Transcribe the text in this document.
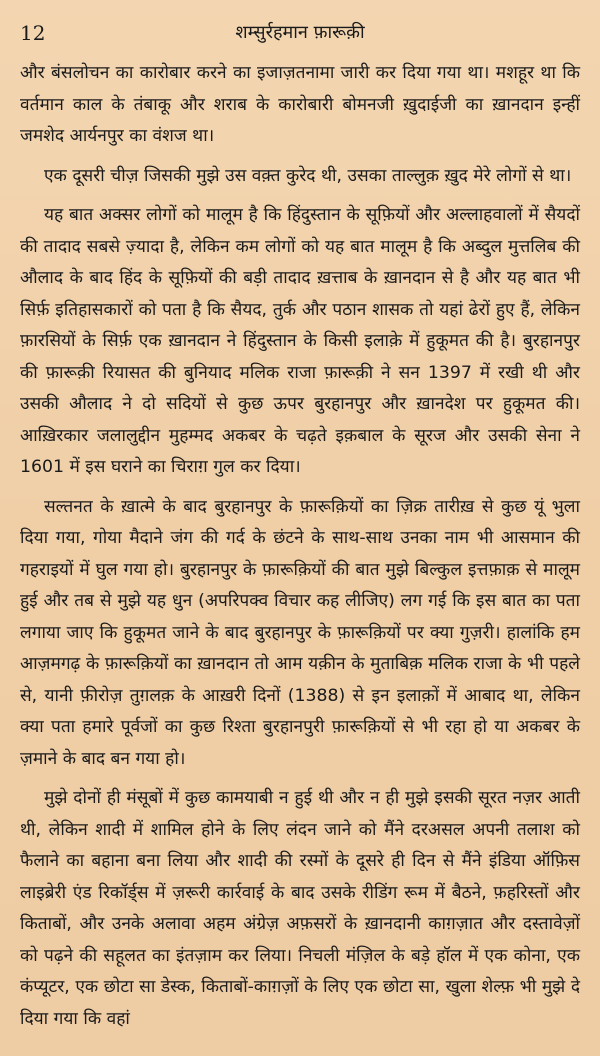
12	शम्सुर्रहमान फ़ारूक़ी

और बंसलोचन का कारोबार करने का इजाज़तनामा जारी कर दिया गया था। मशहूर था कि वर्तमान काल के तंबाकू और शराब के कारोबारी बोमनजी ख़ुदाईजी का ख़ानदान इन्हीं जमशेद आर्यनपुर का वंशज था।

एक दूसरी चीज़ जिसकी मुझे उस वक़्त कुरेद थी, उसका ताल्लुक़ ख़ुद मेरे लोगों से था।

यह बात अक्सर लोगों को मालूम है कि हिंदुस्तान के सूफ़ियों और अल्लाहवालों में सैयदों की तादाद सबसे ज़्यादा है, लेकिन कम लोगों को यह बात मालूम है कि अब्दुल मुत्तलिब की औलाद के बाद हिंद के सूफ़ियों की बड़ी तादाद ख़त्ताब के ख़ानदान से है और यह बात भी सिर्फ़ इतिहासकारों को पता है कि सैयद, तुर्क और पठान शासक तो यहां ढेरों हुए हैं, लेकिन फ़ारसियों के सिर्फ़ एक ख़ानदान ने हिंदुस्तान के किसी इलाक़े में हुकूमत की है। बुरहानपुर की फ़ारूक़ी रियासत की बुनियाद मलिक राजा फ़ारूक़ी ने सन 1397 में रखी थी और उसकी औलाद ने दो सदियों से कुछ ऊपर बुरहानपुर और ख़ानदेश पर हुकूमत की। आख़िरकार जलालुद्दीन मुहम्मद अकबर के चढ़ते इक़बाल के सूरज और उसकी सेना ने 1601 में इस घराने का चिराग़ गुल कर दिया।

सल्तनत के ख़ात्मे के बाद बुरहानपुर के फ़ारूक़ियों का ज़िक्र तारीख़ से कुछ यूं भुला दिया गया, गोया मैदाने जंग की गर्द के छंटने के साथ-साथ उनका नाम भी आसमान की गहराइयों में घुल गया हो। बुरहानपुर के फ़ारूक़ियों की बात मुझे बिल्कुल इत्तफ़ाक़ से मालूम हुई और तब से मुझे यह धुन (अपरिपक्व विचार कह लीजिए) लग गई कि इस बात का पता लगाया जाए कि हुकूमत जाने के बाद बुरहानपुर के फ़ारूक़ियों पर क्या गुज़री। हालांकि हम आज़मगढ़ के फ़ारूक़ियों का ख़ानदान तो आम यक़ीन के मुताबिक़ मलिक राजा के भी पहले से, यानी फ़ीरोज़ तुग़लक़ के आख़री दिनों (1388) से इन इलाक़ों में आबाद था, लेकिन क्या पता हमारे पूर्वजों का कुछ रिश्ता बुरहानपुरी फ़ारूक़ियों से भी रहा हो या अकबर के ज़माने के बाद बन गया हो।

मुझे दोनों ही मंसूबों में कुछ कामयाबी न हुई थी और न ही मुझे इसकी सूरत नज़र आती थी, लेकिन शादी में शामिल होने के लिए लंदन जाने को मैंने दरअसल अपनी तलाश को फैलाने का बहाना बना लिया और शादी की रस्मों के दूसरे ही दिन से मैंने इंडिया ऑफ़िस लाइब्रेरी एंड रिकॉर्ड्स में ज़रूरी कार्रवाई के बाद उसके रीडिंग रूम में बैठने, फ़हरिस्तों और किताबों, और उनके अलावा अहम अंग्रेज़ अफ़सरों के ख़ानदानी काग़ज़ात और दस्तावेज़ों को पढ़ने की सहूलत का इंतज़ाम कर लिया। निचली मंज़िल के बड़े हॉल में एक कोना, एक कंप्यूटर, एक छोटा सा डेस्क, किताबों-काग़ज़ों के लिए एक छोटा सा, खुला शेल्फ़ भी मुझे दे दिया गया कि वहां
